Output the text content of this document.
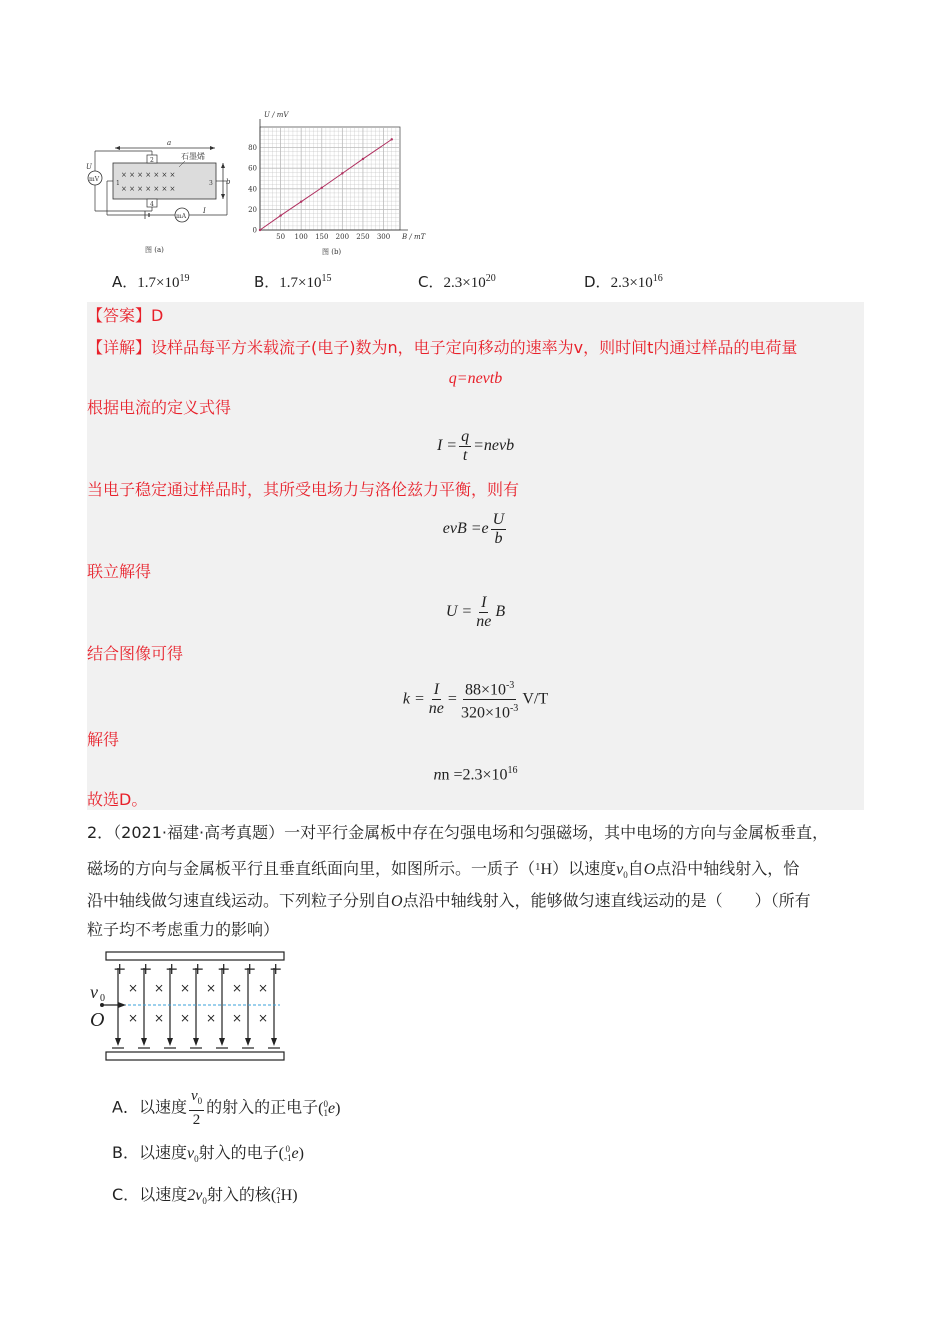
a
× × × × × × ×
× × × × × × ×
2
4
1	3
石墨烯
b
mV
U
mA
I
图 (a)
0
20
40
60
80
50 100 150 200 250 300
U / mV
B / mT
图 (b)
A．$1.7\times 10^{19}$	B．$1.7\times 10^{15}$	C．$2.3\times 10^{20}$	D．$2.3\times 10^{16}$
【答案】D
【详解】设样品每平方米载流子(电子)数为n，电子定向移动的速率为v，则时间t内通过样品的电荷量
q=nevtb
根据电流的定义式得
$I = \frac{q}{t}$ =nevb
当电子稳定通过样品时，其所受电场力与洛伦兹力平衡，则有
evB $=e \frac{U}{b}$
联立解得
$U = \frac{I}{ne}$ B
结合图像可得
$k = \frac{I}{ne} = \frac{88\times 10^{-3}}{320\times 10^{-3}} V/T$
解得
nn $=2.3\times 10^{16}$
故选D。
2．（2021·福建·高考真题）一对平行金属板中存在匀强电场和匀强磁场，其中电场的方向与金属板垂直，
磁场的方向与金属板平行且垂直纸面向里，如图所示。一质子（$^1$H）以速度$v_0$自O点沿中轴线射入，恰
沿中轴线做匀速直线运动。下列粒子分别自O点沿中轴线射入，能够做匀速直线运动的是（　　）（所有
粒子均不考虑重力的影响）
+ + + + + + +
×
×
×
×
×
×
×
×
×
×
×
×
v 0
O
A．以速度 $\frac{v_0}{2}$ 的射入的正电子(0
1e)
B．以速度$v_0$射入的电子( 0
-1e)
C．以速度$2v_0$射入的核(2
1H)
